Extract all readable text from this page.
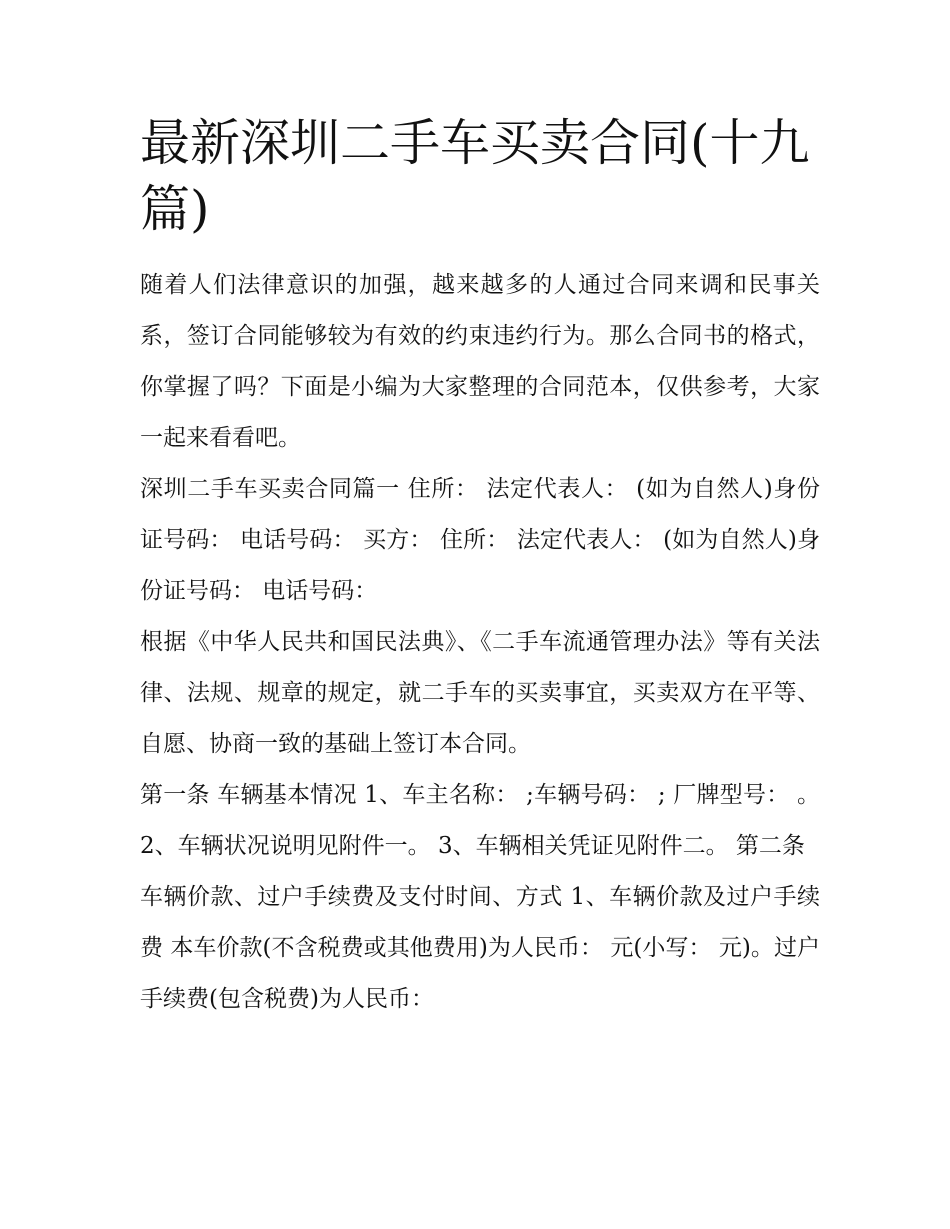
最新深圳二手车买卖合同(十九篇)

随着人们法律意识的加强，越来越多的人通过合同来调和民事关系，签订合同能够较为有效的约束违约行为。那么合同书的格式，你掌握了吗？下面是小编为大家整理的合同范本，仅供参考，大家一起来看看吧。

深圳二手车买卖合同篇一 住所： 法定代表人： (如为自然人)身份证号码： 电话号码： 买方： 住所： 法定代表人： (如为自然人)身份证号码： 电话号码：

根据《中华人民共和国民法典》、《二手车流通管理办法》等有关法律、法规、规章的规定，就二手车的买卖事宜，买卖双方在平等、自愿、协商一致的基础上签订本合同。

第一条 车辆基本情况 1、车主名称： ;车辆号码： ; 厂牌型号： 。 2、车辆状况说明见附件一。 3、车辆相关凭证见附件二。 第二条

车辆价款、过户手续费及支付时间、方式 1、车辆价款及过户手续费 本车价款(不含税费或其他费用)为人民币： 元(小写： 元)。过户手续费(包含税费)为人民币：
